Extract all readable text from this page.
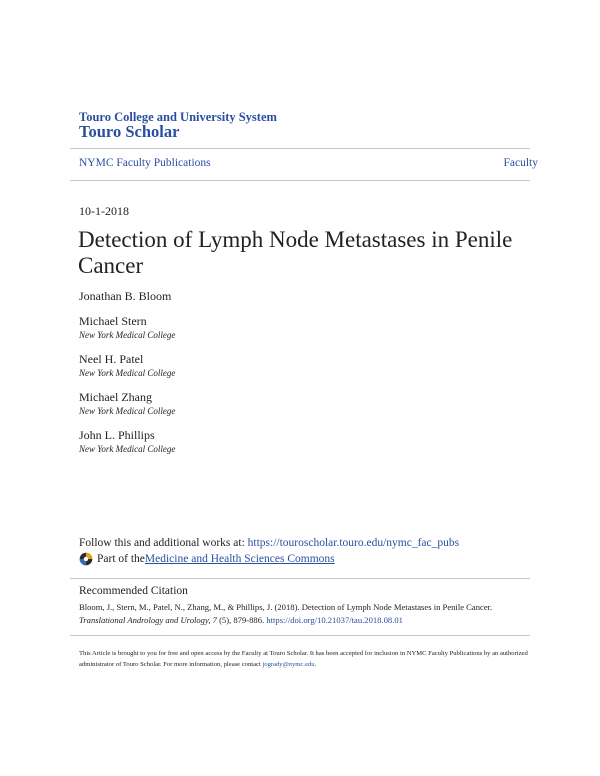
Touro College and University System
Touro Scholar
NYMC Faculty Publications	Faculty
10-1-2018
Detection of Lymph Node Metastases in Penile Cancer
Jonathan B. Bloom
Michael Stern
New York Medical College
Neel H. Patel
New York Medical College
Michael Zhang
New York Medical College
John L. Phillips
New York Medical College
Follow this and additional works at: https://touroscholar.touro.edu/nymc_fac_pubs
Part of the Medicine and Health Sciences Commons
Recommended Citation
Bloom, J., Stern, M., Patel, N., Zhang, M., & Phillips, J. (2018). Detection of Lymph Node Metastases in Penile Cancer. Translational Andrology and Urology, 7 (5), 879-886. https://doi.org/10.21037/tau.2018.08.01
This Article is brought to you for free and open access by the Faculty at Touro Scholar. It has been accepted for inclusion in NYMC Faculty Publications by an authorized administrator of Touro Scholar. For more information, please contact jogrady@nymc.edu.
